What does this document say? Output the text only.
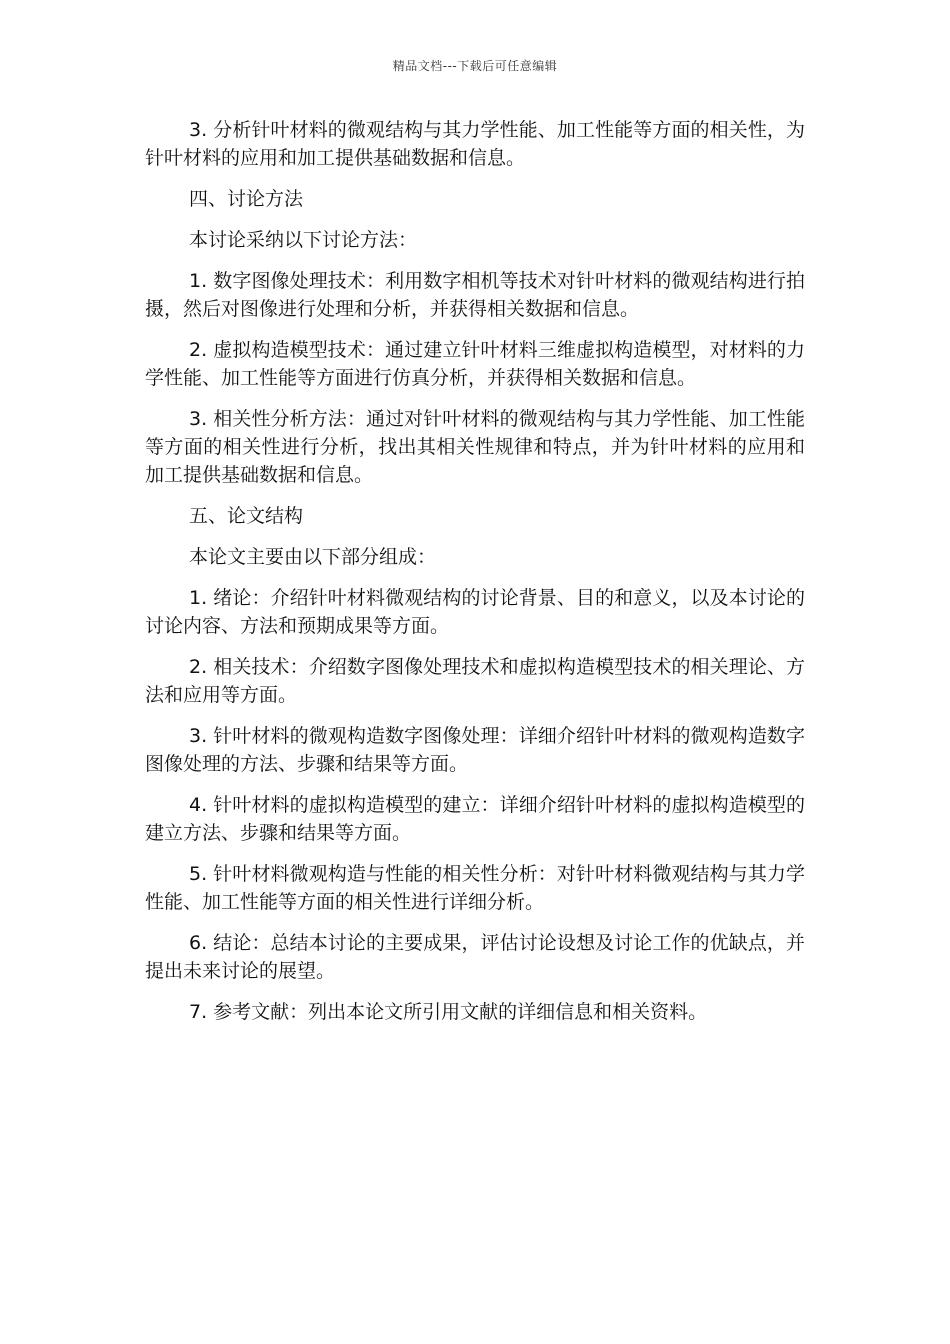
精品文档---下载后可任意编辑

3. 分析针叶材料的微观结构与其力学性能、加工性能等方面的相关性，为针叶材料的应用和加工提供基础数据和信息。

四、讨论方法

本讨论采纳以下讨论方法：

1. 数字图像处理技术：利用数字相机等技术对针叶材料的微观结构进行拍摄，然后对图像进行处理和分析，并获得相关数据和信息。

2. 虚拟构造模型技术：通过建立针叶材料三维虚拟构造模型，对材料的力学性能、加工性能等方面进行仿真分析，并获得相关数据和信息。

3. 相关性分析方法：通过对针叶材料的微观结构与其力学性能、加工性能等方面的相关性进行分析，找出其相关性规律和特点，并为针叶材料的应用和加工提供基础数据和信息。

五、论文结构

本论文主要由以下部分组成：

1. 绪论：介绍针叶材料微观结构的讨论背景、目的和意义，以及本讨论的讨论内容、方法和预期成果等方面。

2. 相关技术：介绍数字图像处理技术和虚拟构造模型技术的相关理论、方法和应用等方面。

3. 针叶材料的微观构造数字图像处理：详细介绍针叶材料的微观构造数字图像处理的方法、步骤和结果等方面。

4. 针叶材料的虚拟构造模型的建立：详细介绍针叶材料的虚拟构造模型的建立方法、步骤和结果等方面。

5. 针叶材料微观构造与性能的相关性分析：对针叶材料微观结构与其力学性能、加工性能等方面的相关性进行详细分析。

6. 结论：总结本讨论的主要成果，评估讨论设想及讨论工作的优缺点，并提出未来讨论的展望。

7. 参考文献：列出本论文所引用文献的详细信息和相关资料。
